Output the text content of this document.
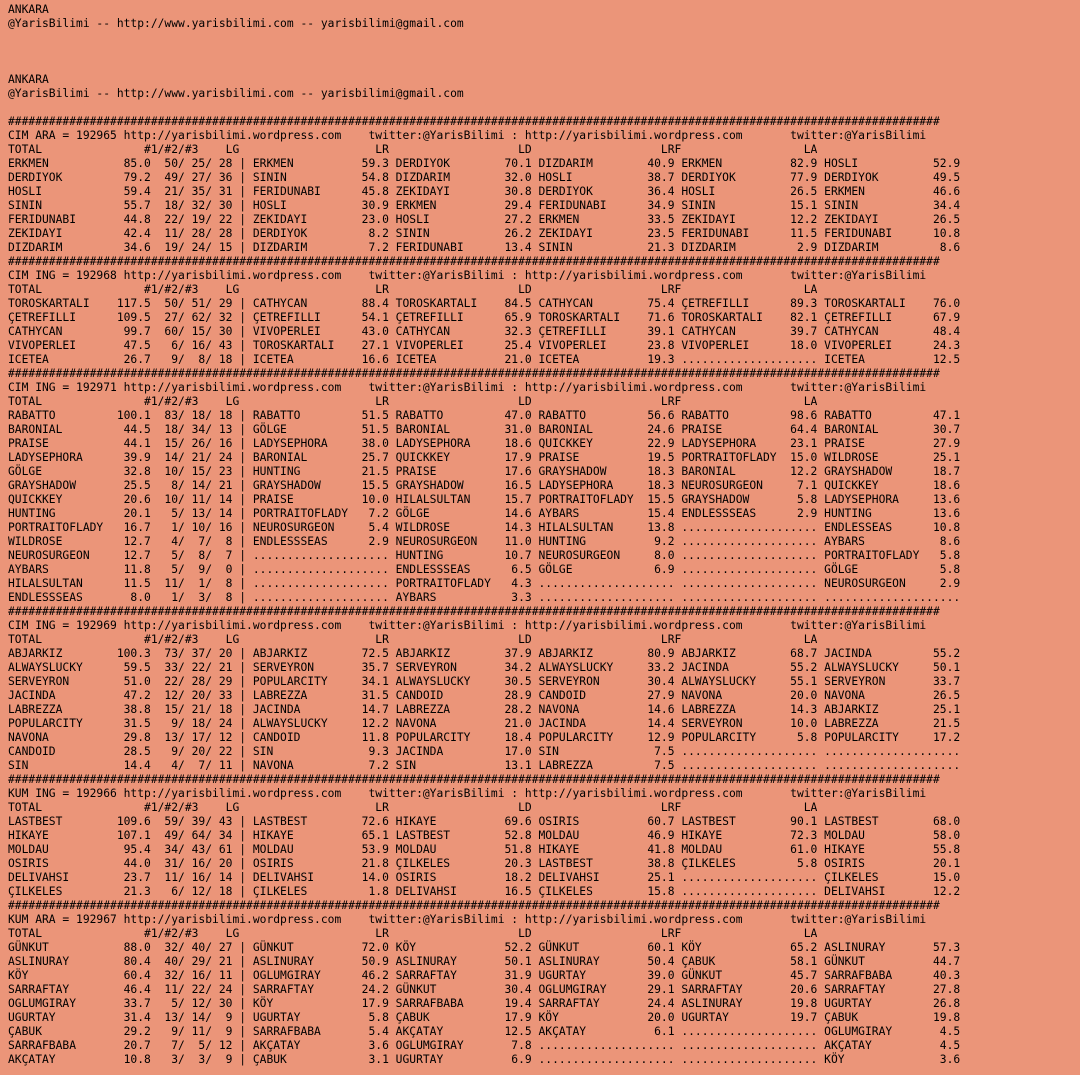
ANKARA
@YarisBilimi -- http://www.yarisbilimi.com -- yarisbilimi@gmail.com
ANKARA
@YarisBilimi -- http://www.yarisbilimi.com -- yarisbilimi@gmail.com
#########################################################################################################################################
CIM ARA = 192965 http://yarisbilimi.wordpress.com    twitter:@YarisBilimi : http://yarisbilimi.wordpress.com       twitter:@YarisBilimi
TOTAL               #1/#2/#3    LG                    LR                   LD                   LRF                  LA
ERKMEN           85.0  50/ 25/ 28 | ERKMEN          59.3 DERDIYOK        70.1 DIZDARIM        40.9 ERKMEN          82.9 HOSLI           52.9
DERDIYOK         79.2  49/ 27/ 36 | SININ           54.8 DIZDARIM        32.0 HOSLI           38.7 DERDIYOK        77.9 DERDIYOK        49.5
HOSLI            59.4  21/ 35/ 31 | FERIDUNABI      45.8 ZEKIDAYI        30.8 DERDIYOK        36.4 HOSLI           26.5 ERKMEN          46.6
SININ            55.7  18/ 32/ 30 | HOSLI           30.9 ERKMEN          29.4 FERIDUNABI      34.9 SININ           15.1 SININ           34.4
FERIDUNABI       44.8  22/ 19/ 22 | ZEKIDAYI        23.0 HOSLI           27.2 ERKMEN          33.5 ZEKIDAYI        12.2 ZEKIDAYI        26.5
ZEKIDAYI         42.4  11/ 28/ 28 | DERDIYOK         8.2 SININ           26.2 ZEKIDAYI        23.5 FERIDUNABI      11.5 FERIDUNABI      10.8
DIZDARIM         34.6  19/ 24/ 15 | DIZDARIM         7.2 FERIDUNABI      13.4 SININ           21.3 DIZDARIM         2.9 DIZDARIM         8.6
#########################################################################################################################################
CIM ING = 192968 http://yarisbilimi.wordpress.com    twitter:@YarisBilimi : http://yarisbilimi.wordpress.com       twitter:@YarisBilimi
TOTAL               #1/#2/#3    LG                    LR                   LD                   LRF                  LA
TOROSKARTALI    117.5  50/ 51/ 29 | CATHYCAN        88.4 TOROSKARTALI    84.5 CATHYCAN        75.4 ÇETREFILLI      89.3 TOROSKARTALI    76.0
ÇETREFILLI      109.5  27/ 62/ 32 | ÇETREFILLI      54.1 ÇETREFILLI      65.9 TOROSKARTALI    71.6 TOROSKARTALI    82.1 ÇETREFILLI      67.9
CATHYCAN         99.7  60/ 15/ 30 | VIVOPERLEI      43.0 CATHYCAN        32.3 ÇETREFILLI      39.1 CATHYCAN        39.7 CATHYCAN        48.4
VIVOPERLEI       47.5   6/ 16/ 43 | TOROSKARTALI    27.1 VIVOPERLEI      25.4 VIVOPERLEI      23.8 VIVOPERLEI      18.0 VIVOPERLEI      24.3
ICETEA           26.7   9/  8/ 18 | ICETEA          16.6 ICETEA          21.0 ICETEA          19.3 .................... ICETEA          12.5
#########################################################################################################################################
CIM ING = 192971 http://yarisbilimi.wordpress.com    twitter:@YarisBilimi : http://yarisbilimi.wordpress.com       twitter:@YarisBilimi
TOTAL               #1/#2/#3    LG                    LR                   LD                   LRF                  LA
RABATTO         100.1  83/ 18/ 18 | RABATTO         51.5 RABATTO         47.0 RABATTO         56.6 RABATTO         98.6 RABATTO         47.1
BARONIAL         44.5  18/ 34/ 13 | GÖLGE           51.5 BARONIAL        31.0 BARONIAL        24.6 PRAISE          64.4 BARONIAL        30.7
PRAISE           44.1  15/ 26/ 16 | LADYSEPHORA     38.0 LADYSEPHORA     18.6 QUICKKEY        22.9 LADYSEPHORA     23.1 PRAISE          27.9
LADYSEPHORA      39.9  14/ 21/ 24 | BARONIAL        25.7 QUICKKEY        17.9 PRAISE          19.5 PORTRAITOFLADY  15.0 WILDROSE        25.1
GÖLGE            32.8  10/ 15/ 23 | HUNTING         21.5 PRAISE          17.6 GRAYSHADOW      18.3 BARONIAL        12.2 GRAYSHADOW      18.7
GRAYSHADOW       25.5   8/ 14/ 21 | GRAYSHADOW      15.5 GRAYSHADOW      16.5 LADYSEPHORA     18.3 NEUROSURGEON     7.1 QUICKKEY        18.6
QUICKKEY         20.6  10/ 11/ 14 | PRAISE          10.0 HILALSULTAN     15.7 PORTRAITOFLADY  15.5 GRAYSHADOW       5.8 LADYSEPHORA     13.6
HUNTING          20.1   5/ 13/ 14 | PORTRAITOFLADY   7.2 GÖLGE           14.6 AYBARS          15.4 ENDLESSSEAS      2.9 HUNTING         13.6
PORTRAITOFLADY   16.7   1/ 10/ 16 | NEUROSURGEON     5.4 WILDROSE        14.3 HILALSULTAN     13.8 .................... ENDLESSEAS      10.8
WILDROSE         12.7   4/  7/  8 | ENDLESSSEAS      2.9 NEUROSURGEON    11.0 HUNTING          9.2 .................... AYBARS           8.6
NEUROSURGEON     12.7   5/  8/  7 | .................... HUNTING         10.7 NEUROSURGEON     8.0 .................... PORTRAITOFLADY   5.8
AYBARS           11.8   5/  9/  0 | .................... ENDLESSSEAS      6.5 GÖLGE            6.9 .................... GÖLGE            5.8
HILALSULTAN      11.5  11/  1/  8 | .................... PORTRAITOFLADY   4.3 .................... .................... NEUROSURGEON     2.9
ENDLESSSEAS       8.0   1/  3/  8 | .................... AYBARS           3.3 .................... .................... ....................
#########################################################################################################################################
CIM ING = 192969 http://yarisbilimi.wordpress.com    twitter:@YarisBilimi : http://yarisbilimi.wordpress.com       twitter:@YarisBilimi
TOTAL               #1/#2/#3    LG                    LR                   LD                   LRF                  LA
ABJARKIZ        100.3  73/ 37/ 20 | ABJARKIZ        72.5 ABJARKIZ        37.9 ABJARKIZ        80.9 ABJARKIZ        68.7 JACINDA         55.2
ALWAYSLUCKY      59.5  33/ 22/ 21 | SERVEYRON       35.7 SERVEYRON       34.2 ALWAYSLUCKY     33.2 JACINDA         55.2 ALWAYSLUCKY     50.1
SERVEYRON        51.0  22/ 28/ 29 | POPULARCITY     34.1 ALWAYSLUCKY     30.5 SERVEYRON       30.4 ALWAYSLUCKY     55.1 SERVEYRON       33.7
JACINDA          47.2  12/ 20/ 33 | LABREZZA        31.5 CANDOID         28.9 CANDOID         27.9 NAVONA          20.0 NAVONA          26.5
LABREZZA         38.8  15/ 21/ 18 | JACINDA         14.7 LABREZZA        28.2 NAVONA          14.6 LABREZZA        14.3 ABJARKIZ        25.1
POPULARCITY      31.5   9/ 18/ 24 | ALWAYSLUCKY     12.2 NAVONA          21.0 JACINDA         14.4 SERVEYRON       10.0 LABREZZA        21.5
NAVONA           29.8  13/ 17/ 12 | CANDOID         11.8 POPULARCITY     18.4 POPULARCITY     12.9 POPULARCITY      5.8 POPULARCITY     17.2
CANDOID          28.5   9/ 20/ 22 | SIN              9.3 JACINDA         17.0 SIN              7.5 .................... ....................
SIN              14.4   4/  7/ 11 | NAVONA           7.2 SIN             13.1 LABREZZA         7.5 .................... ....................
#########################################################################################################################################
KUM ING = 192966 http://yarisbilimi.wordpress.com    twitter:@YarisBilimi : http://yarisbilimi.wordpress.com       twitter:@YarisBilimi
TOTAL               #1/#2/#3    LG                    LR                   LD                   LRF                  LA
LASTBEST        109.6  59/ 39/ 43 | LASTBEST        72.6 HIKAYE          69.6 OSIRIS          60.7 LASTBEST        90.1 LASTBEST        68.0
HIKAYE          107.1  49/ 64/ 34 | HIKAYE          65.1 LASTBEST        52.8 MOLDAU          46.9 HIKAYE          72.3 MOLDAU          58.0
MOLDAU           95.4  34/ 43/ 61 | MOLDAU          53.9 MOLDAU          51.8 HIKAYE          41.8 MOLDAU          61.0 HIKAYE          55.8
OSIRIS           44.0  31/ 16/ 20 | OSIRIS          21.8 ÇILKELES        20.3 LASTBEST        38.8 ÇILKELES         5.8 OSIRIS          20.1
DELIVAHSI        23.7  11/ 16/ 14 | DELIVAHSI       14.0 OSIRIS          18.2 DELIVAHSI       25.1 .................... ÇILKELES        15.0
ÇILKELES         21.3   6/ 12/ 18 | ÇILKELES         1.8 DELIVAHSI       16.5 ÇILKELES        15.8 .................... DELIVAHSI       12.2
#########################################################################################################################################
KUM ARA = 192967 http://yarisbilimi.wordpress.com    twitter:@YarisBilimi : http://yarisbilimi.wordpress.com       twitter:@YarisBilimi
TOTAL               #1/#2/#3    LG                    LR                   LD                   LRF                  LA
GÜNKUT           88.0  32/ 40/ 27 | GÜNKUT          72.0 KÖY             52.2 GÜNKUT          60.1 KÖY             65.2 ASLINURAY       57.3
ASLINURAY        80.4  40/ 29/ 21 | ASLINURAY       50.9 ASLINURAY       50.1 ASLINURAY       50.4 ÇABUK           58.1 GÜNKUT          44.7
KÖY              60.4  32/ 16/ 11 | OGLUMGIRAY      46.2 SARRAFTAY       31.9 UGURTAY         39.0 GÜNKUT          45.7 SARRAFBABA      40.3
SARRAFTAY        46.4  11/ 22/ 24 | SARRAFTAY       24.2 GÜNKUT          30.4 OGLUMGIRAY      29.1 SARRAFTAY       20.6 SARRAFTAY       27.8
OGLUMGIRAY       33.7   5/ 12/ 30 | KÖY             17.9 SARRAFBABA      19.4 SARRAFTAY       24.4 ASLINURAY       19.8 UGURTAY         26.8
UGURTAY          31.4  13/ 14/  9 | UGURTAY          5.8 ÇABUK           17.9 KÖY             20.0 UGURTAY         19.7 ÇABUK           19.8
ÇABUK            29.2   9/ 11/  9 | SARRAFBABA       5.4 AKÇATAY         12.5 AKÇATAY          6.1 .................... OGLUMGIRAY       4.5
SARRAFBABA       20.7   7/  5/ 12 | AKÇATAY          3.6 OGLUMGIRAY       7.8 .................... .................... AKÇATAY          4.5
AKÇATAY          10.8   3/  3/  9 | ÇABUK            3.1 UGURTAY          6.9 .................... .................... KÖY              3.6
